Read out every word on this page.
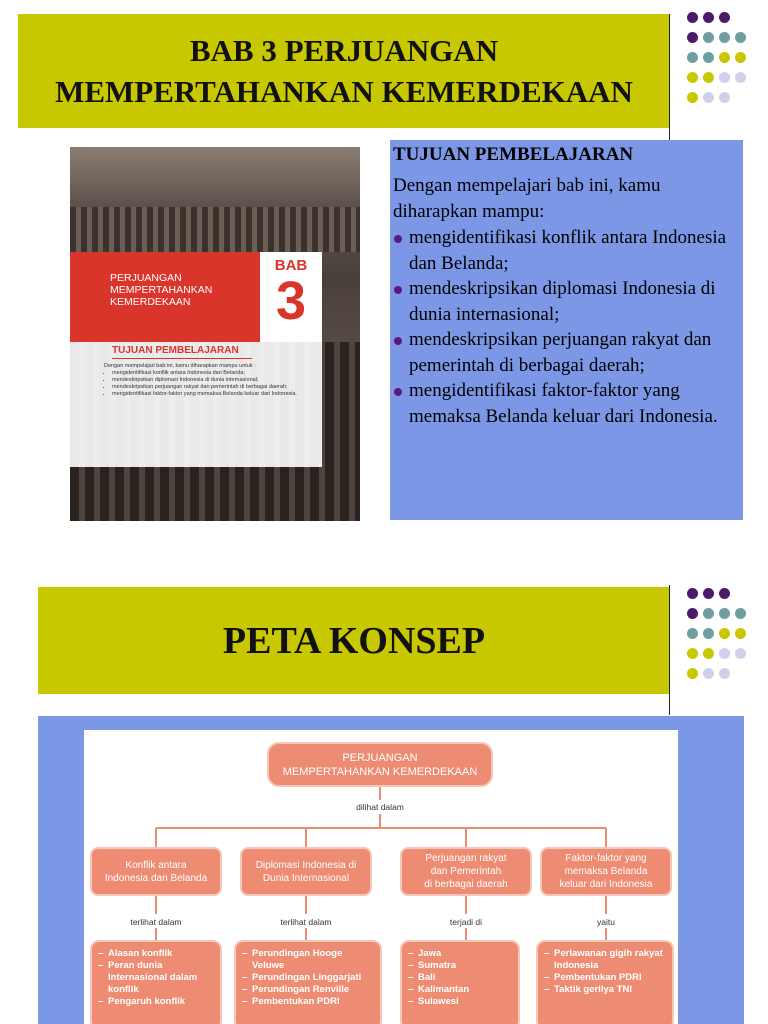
BAB 3 PERJUANGAN
MEMPERTAHANKAN KEMERDEKAAN
PERJUANGAN
MEMPERTAHANKAN
KEMERDEKAAN
BAB
3
TUJUAN PEMBELAJARAN
Dengan mempelajari bab ini, kamu diharapkan mampu untuk :
• mengidentifikasi konflik antara Indonesia dan Belanda;
• mendeskripsikan diplomasi Indonesia di dunia internasional;
• mendeskripsikan perjuangan rakyat dan pemerintah di berbagai daerah;
• mengidentifikasi faktor-faktor yang memaksa Belanda keluar dari Indonesia.
TUJUAN PEMBELAJARAN
Dengan mempelajari bab ini, kamu diharapkan mampu:
mengidentifikasi konflik antara Indonesia dan Belanda;
mendeskripsikan diplomasi Indonesia di dunia internasional;
mendeskripsikan perjuangan rakyat dan pemerintah di berbagai daerah;
mengidentifikasi faktor-faktor yang memaksa Belanda keluar dari Indonesia.
PETA KONSEP
PERJUANGAN
MEMPERTAHANKAN KEMERDEKAAN
dilihat dalam
Konflik antara
Indonesia dan Belanda
Diplomasi Indonesia di
Dunia Internasional
Perjuangan rakyat
dan Pemerintah
di berbagai daerah
Faktor-faktor yang
memaksa Belanda
keluar dari Indonesia
terlihat dalam	terlihat dalam	terjadi di	yaitu
– Alasan konflik
– Peran dunia Internasional dalam konflik
– Pengaruh konflik
– Perundingan Hooge Veluwe
– Perundingan Linggarjati
– Perundingan Renville
– Pembentukan PDRI
– Jawa
– Sumatra
– Bali
– Kalimantan
– Sulawesi
– Perlawanan gigih rakyat Indonesia
– Pembentukan PDRI
– Taktik gerilya TNI
